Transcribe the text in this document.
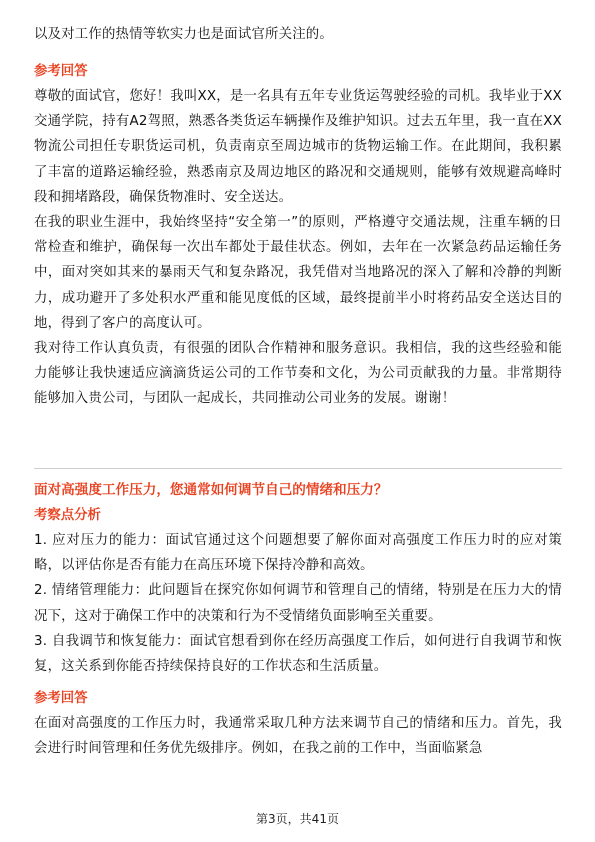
以及对工作的热情等软实力也是面试官所关注的。

参考回答

尊敬的面试官，您好！我叫XX，是一名具有五年专业货运驾驶经验的司机。我毕业于XX交通学院，持有A2驾照，熟悉各类货运车辆操作及维护知识。过去五年里，我一直在XX物流公司担任专职货运司机，负责南京至周边城市的货物运输工作。在此期间，我积累了丰富的道路运输经验，熟悉南京及周边地区的路况和交通规则，能够有效规避高峰时段和拥堵路段，确保货物准时、安全送达。

在我的职业生涯中，我始终坚持“安全第一”的原则，严格遵守交通法规，注重车辆的日常检查和维护，确保每一次出车都处于最佳状态。例如，去年在一次紧急药品运输任务中，面对突如其来的暴雨天气和复杂路况，我凭借对当地路况的深入了解和冷静的判断力，成功避开了多处积水严重和能见度低的区域，最终提前半小时将药品安全送达目的地，得到了客户的高度认可。

我对待工作认真负责，有很强的团队合作精神和服务意识。我相信，我的这些经验和能力能够让我快速适应滴滴货运公司的工作节奏和文化，为公司贡献我的力量。非常期待能够加入贵公司，与团队一起成长，共同推动公司业务的发展。谢谢！

面对高强度工作压力，您通常如何调节自己的情绪和压力？
考察点分析

1. 应对压力的能力：面试官通过这个问题想要了解你面对高强度工作压力时的应对策略，以评估你是否有能力在高压环境下保持冷静和高效。

2. 情绪管理能力：此问题旨在探究你如何调节和管理自己的情绪，特别是在压力大的情况下，这对于确保工作中的决策和行为不受情绪负面影响至关重要。

3. 自我调节和恢复能力：面试官想看到你在经历高强度工作后，如何进行自我调节和恢复，这关系到你能否持续保持良好的工作状态和生活质量。

参考回答

在面对高强度的工作压力时，我通常采取几种方法来调节自己的情绪和压力。首先，我会进行时间管理和任务优先级排序。例如，在我之前的工作中，当面临紧急

第3页，共41页
